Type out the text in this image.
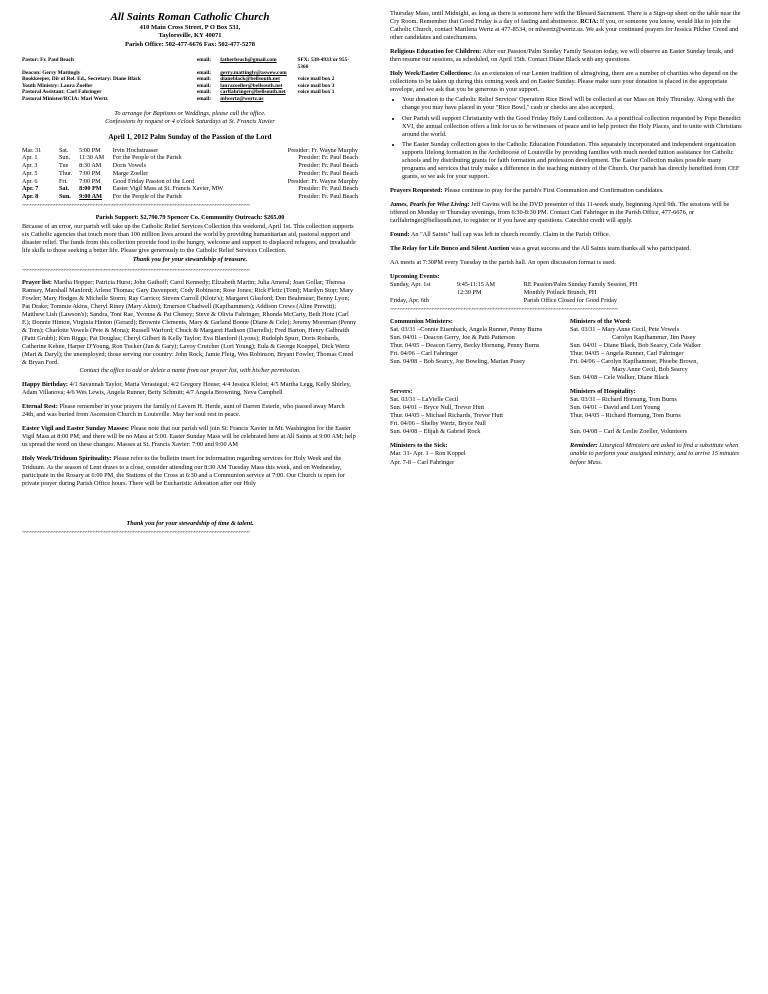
All Saints Roman Catholic Church
410 Main Cross Street, P O Box 531,
Taylorsville, KY 40071
Parish Office: 502-477-6676 Fax: 502-477-5278
Pastor: Fr. Paul Beach	email:	fatherbeach@gmail.com	SFX: 538-4933 or 955-5366
Deacon: Gerry Mattingly	email:	gerry.mattingly@aswew.com	
Bookkeeper, Dir of Rel. Ed., Secretary: Diane Black	email:	dianeblack@bellsouth.net	voice mail box 2
Youth Ministry: Laura Zoeller	email:	laurazoeller@bellsouth.net	voice mail box 3
Pastoral Assistant: Carl Fahringer	email:	carlfahringer@bellsouth.net	voice mail box 1
Pastoral Minister/RCIA: Mari Wertz	email:	mlwertz@wertz.us	

To arrange for Baptisms or Weddings, please call the office.

Confessions by request or 4 o'clock Saturdays at St. Francis Xavier

April 1, 2012 Palm Sunday of the Passion of the Lord
Mar. 31	Sat.	5:00 PM	Irvin Hochstrasser	Presider: Fr. Wayne Murphy
Apr. 1	Sun.	11:30 AM	For the People of the Parish	Presider: Fr. Paul Beach
Apr. 3	Tue	8:30 AM	Doris Vowels	Presider: Fr. Paul Beach
Apr. 5	Thur.	7:00 PM	Marge Zoeller	Presider: Fr. Paul Beach
Apr. 6	Fri.	7:00 PM	Good Friday Passion of the Lord	Presider: Fr. Wayne Murphy
Apr. 7	Sat.	8:00 PM	Easter Vigil Mass at St. Francis Xavier, MW	Presider: Fr. Paul Beach
Apr. 8	Sun.	9:00 AM	For the People of the Parish	Presider: Fr. Paul Beach
~~~~~~~~~~~~~~~~~~~~~~~~~~~~~~~~~~~~~~~~~~~~~~~~~~~~~~~~~~~~~~~~~~~~~~~~~~~~~~~~~~~~~~

Parish Support: $2,790.79 Spencer Co. Community Outreach: $265.00

Because of an error, our parish will take up the Catholic Relief Services Collection this weekend, April 1st. This collection supports six Catholic agencies that touch more than 100 million lives around the world by providing humanitarian aid, pastoral support and disaster relief. The funds from this collection provide food to the hungry, welcome and support to displaced refugees, and invaluable life skills to those seeking a better life. Please give generously to the Catholic Relief Services Collection.

Thank you for your stewardship of treasure.

~~~~~~~~~~~~~~~~~~~~~~~~~~~~~~~~~~~~~~~~~~~~~~~~~~~~~~~~~~~~~~~~~~~~~~~~~~~~~~~~~~~~~~

Prayer list: Martha Hopper; Patricia Hurst; John Gathoff; Carol Kennedy; Elizabeth Martin; Julia Ameral; Joan Gollar; Theresa Ramsey, Marshall Manford; Arlene Thomas; Gary Davenport; Cody Robinson; Rose Jones; Rick Fleitz (Tom); Marilyn Stop; Mary Fowler; Mary Hodges & Michelle Storm; Ray Carrico; Steven Carroll (Klotz's); Margaret Glasford; Don Beahmear; Benny Lyon; Pat Drake; Tommie Akins, Cheryl Riney (Mary Akins); Emerson Chadwell (Kapfhammers); Addison Crews (Aline Prewitt); Matthew Lish (Lawson's); Sandra, Toni Rae, Yvonne & Pat Cheney; Steve & Olivia Fahringer, Rhonda McCarty, Beth Hotz (Carl F.); Donnie Hinton, Virginia Hinton (Gerard); Brownie Clements, Mary & Garland Boone (Diane & Cele); Jeremy Moreman (Penny & Tom); Charlotte Vowels (Pete & Mona); Russell Warford; Chuck & Margaret Hadison (Darrells); Fred Barton, Henry Galbraith (Patti Grubb); Kim Riggs; Pat Douglas; Cheryl Gilbert & Kelly Taylor; Eva Blanford (Lyons); Rudolph Spurr, Doris Robards, Catherine Kehne, Harper D'Young, Ron Tucker (Jan & Gary); Lavoy Crutcher (Lori Young); Eula & George Koeppel, Dick Wertz (Mari & Daryl); the unemployed; those serving our country: John Rock, Jamie Fleig, Wes Robinson, Bryant Fowler, Thomas Creed & Bryan Ford.

Contact the office to add or delete a name from our prayer list, with his/her permission.

Happy Birthday: 4/1 Savannah Taylor, Maria Verastegui; 4/2 Gregory House; 4/4 Jessica Klefot; 4/5 Martha Legg, Kelly Shirley, Adam Villanova; 4/6 Wes Lewis, Angela Runner, Betty Schmitt; 4/7 Angela Browning, Neva Campbell

Eternal Rest: Please remember in your prayers the family of Lavern H. Herde, aunt of Darren Esterle, who passed away March 24th, and was buried from Ascension Church in Louisville. May her soul rest in peace.

Easter Vigil and Easter Sunday Masses: Please note that our parish will join St. Francis Xavier in Mt. Washington for the Easter Vigil Mass at 8:00 PM; and there will be no Mass at 5:00. Easter Sunday Mass will be celebrated here at All Saints at 9:00 AM; help us spread the word on these changes. Masses at St. Francis Xavier: 7:00 and 9:00 AM

Holy Week/Triduum Spirituality: Please refer to the bulletin insert for information regarding services for Holy Week and the Triduum. As the season of Lent draws to a close, consider attending our 8:30 AM Tuesday Mass this week, and on Wednesday, participate in the Rosary at 6:00 PM, the Stations of the Cross at 6:30 and a Communion service at 7:00. Our Church is open for private prayer during Parish Office hours. There will be Eucharistic Adoration after our Holy

Thank you for your stewardship of time & talent.

~~~~~~~~~~~~~~~~~~~~~~~~~~~~~~~~~~~~~~~~~~~~~~~~~~~~~~~~~~~~~~~~~~~~~~~~~~~~~~~~~~~~~~

Thursday Mass, until Midnight, as long as there is someone here with the Blessed Sacrament. There is a Sign-up sheet on the table near the Cry Room. Remember that Good Friday is a day of fasting and abstinence. RCIA: If you, or someone you know, would like to join the Catholic Church, contact Marilena Wertz at 477-8534, or mlwertz@wertz.us. We ask your continued prayers for Jessica Pilcher Creed and other candidates and catechumens.

Religious Education for Children: After our Passion/Palm Sunday Family Session today, we will observe an Easter Sunday break, and then resume our sessions, as scheduled, on April 15th. Contact Diane Black with any questions.

Holy Week/Easter Collections: As an extension of our Lenten tradition of almsgiving, there are a number of charities who depend on the collections to be taken up during this coming week and on Easter Sunday. Please make sure your donation is placed in the appropriate envelope, and we ask that you be generous in your support.

• Your donation to the Catholic Relief Services' Operation Rice Bowl will be collected at our Mass on Holy Thursday. Along with the change you may have placed in your "Rice Bowl," cash or checks are also accepted.
• Our Parish will support Christianity with the Good Friday Holy Land collection. As a pontifical collection requested by Pope Benedict XVI, the annual collection offers a link for us to be witnesses of peace and to help protect the Holy Places, and to unite with Christians around the world.
• The Easter Sunday collection goes to the Catholic Education Foundation. This separately incorporated and independent organization supports lifelong formation in the Archdiocese of Louisville by providing families with much needed tuition assistance for Catholic schools and by distributing grants for faith formation and profession development. The Easter Collection makes possible many programs and services that truly make a difference in the teaching ministry of the Church. Our parish has directly benefited from CEF grants, so we ask for your support.

Prayers Requested: Please continue to pray for the parish's First Communion and Confirmation candidates.

James, Pearls for Wise Living: Jeff Cavins will be the DVD presenter of this 11-week study, beginning April 9th. The sessions will be offered on Monday or Thursday evenings, from 6:30-8:30 PM. Contact Carl Fahringer in the Parish Office, 477-6676, or carlfahringer@bellsouth.net, to register or if you have any questions. Catechist credit will apply.

Found: An "All Saints" ball cap was left in church recently. Claim in the Parish Office.

The Relay for Life Bunco and Silent Auction was a great success and the All Saints team thanks all who participated.

AA meets at 7:30PM every Tuesday in the parish hall. An open discussion format is used.

Upcoming Events:

Sunday, Apr. 1st	9:45-11:15 AM	RE Passion/Palm Sunday Family Session, PH
	12:30 PM	Monthly Potluck Brunch, PH
Friday, Apr. 6th		Parish Office Closed for Good Friday
~~~~~~~~~~~~~~~~~~~~~~~~~~~~~~~~~~~~~~~~~~~~~~~~~~~~~~~~~~~~~~~~~~~~~~~~~~~~~~~~~~~~~~

Communion Ministers:

Sat. 03/31 –Connie Eisenback, Angela Runner, Penny Burns
Sun. 04/01 – Deacon Gerry, Joe & Patti Patterson
Thur. 04/05 – Deacon Gerry, Becky Hornung, Penny Burns
Fri. 04/06 – Carl Fahringer
Sun. 04/08 – Bob Searcy, Joe Bowling, Marian Pusey

Ministers of the Word:

Sat. 03/31 – Mary Anne Cecil, Pete Vowels
Carolyn Kapfhammer, Jim Pusey
Sun. 04/01 – Diane Black, Bob Searcy, Cele Walker
Thur. 04/05 – Angela Runner, Carl Fahringer
Fri. 04/06 – Carolyn Kapfhammer, Phoebe Brown,
Mary Anne Cecil, Bob Searcy
Sun. 04/08 – Cele Walker, Diane Black

Servers:

Sat. 03/31 – LaVielle Cecil
Sun. 04/01 – Bryce Null, Trevor Hutt
Thur. 04/05 – Michael Richards, Trevor Hutt
Fri. 04/06 – Shelby Wertz, Bryce Null
Sun. 04/08 – Elijah & Gabriel Rock

Ministers of Hospitality:

Sat. 03/31 – Richard Hornung, Tom Burns
Sun. 04/01 – David and Lori Young
Thur. 04/05 – Richard Hornung, Tom Burns

Sun. 04/08 – Carl & Leslie Zoeller, Volunteers

Ministers to the Sick:

Mar. 31- Apr. 1 – Ron Koppel
Apr. 7-8 – Carl Fahringer

Reminder: Liturgical Ministers are asked to find a substitute when unable to perform your assigned ministry, and to arrive 15 minutes before Mass.
